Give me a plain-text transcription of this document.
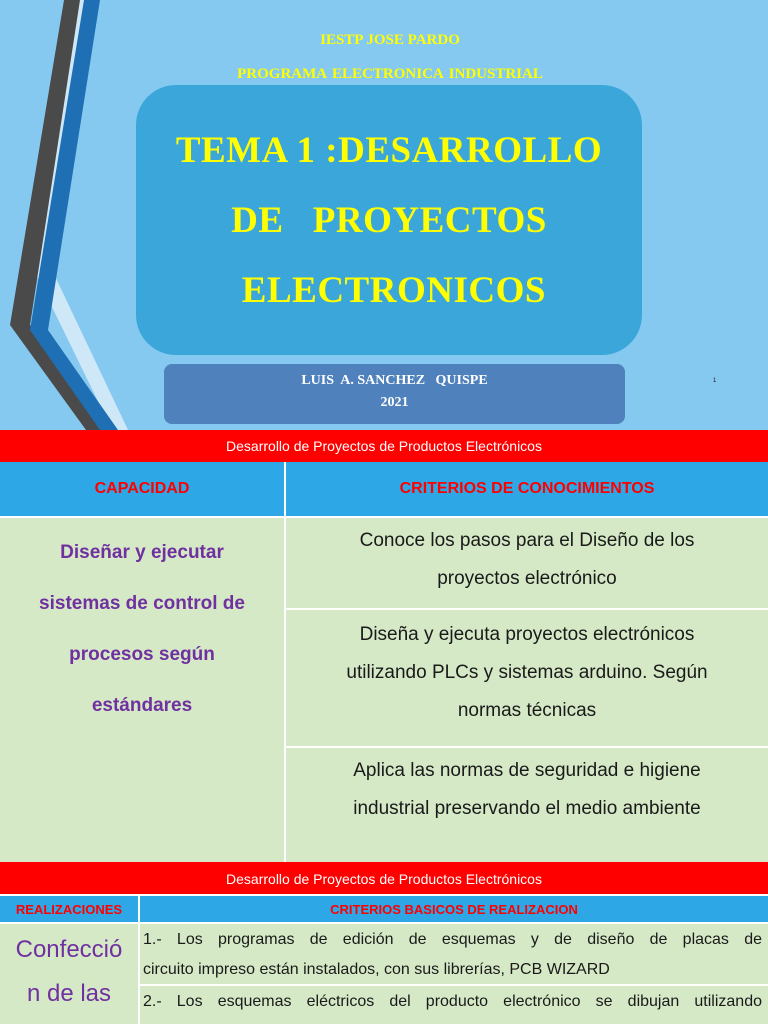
IESTP JOSE PARDO
PROGRAMA ELECTRONICA INDUSTRIAL
TEMA 1 :DESARROLLO
DE   PROYECTOS
ELECTRONICOS
LUIS  A. SANCHEZ   QUISPE
2021
1
Desarrollo de Proyectos de Productos Electrónicos
CAPACIDAD	CRITERIOS DE CONOCIMIENTOS
Diseñar y ejecutar
sistemas de control de
procesos según
estándares
Conoce los pasos para el Diseño de los
proyectos electrónico
Diseña y ejecuta proyectos electrónicos
utilizando PLCs y sistemas arduino. Según
normas técnicas
Aplica las normas de seguridad e higiene
industrial preservando el medio ambiente
Desarrollo de Proyectos de Productos Electrónicos
REALIZACIONES	CRITERIOS BASICOS DE REALIZACION
Confecció
n de las
1.- Los programas de edición de esquemas y de diseño de placas de
circuito impreso están instalados, con sus librerías, PCB WIZARD
2.- Los esquemas eléctricos del producto electrónico se dibujan utilizando
